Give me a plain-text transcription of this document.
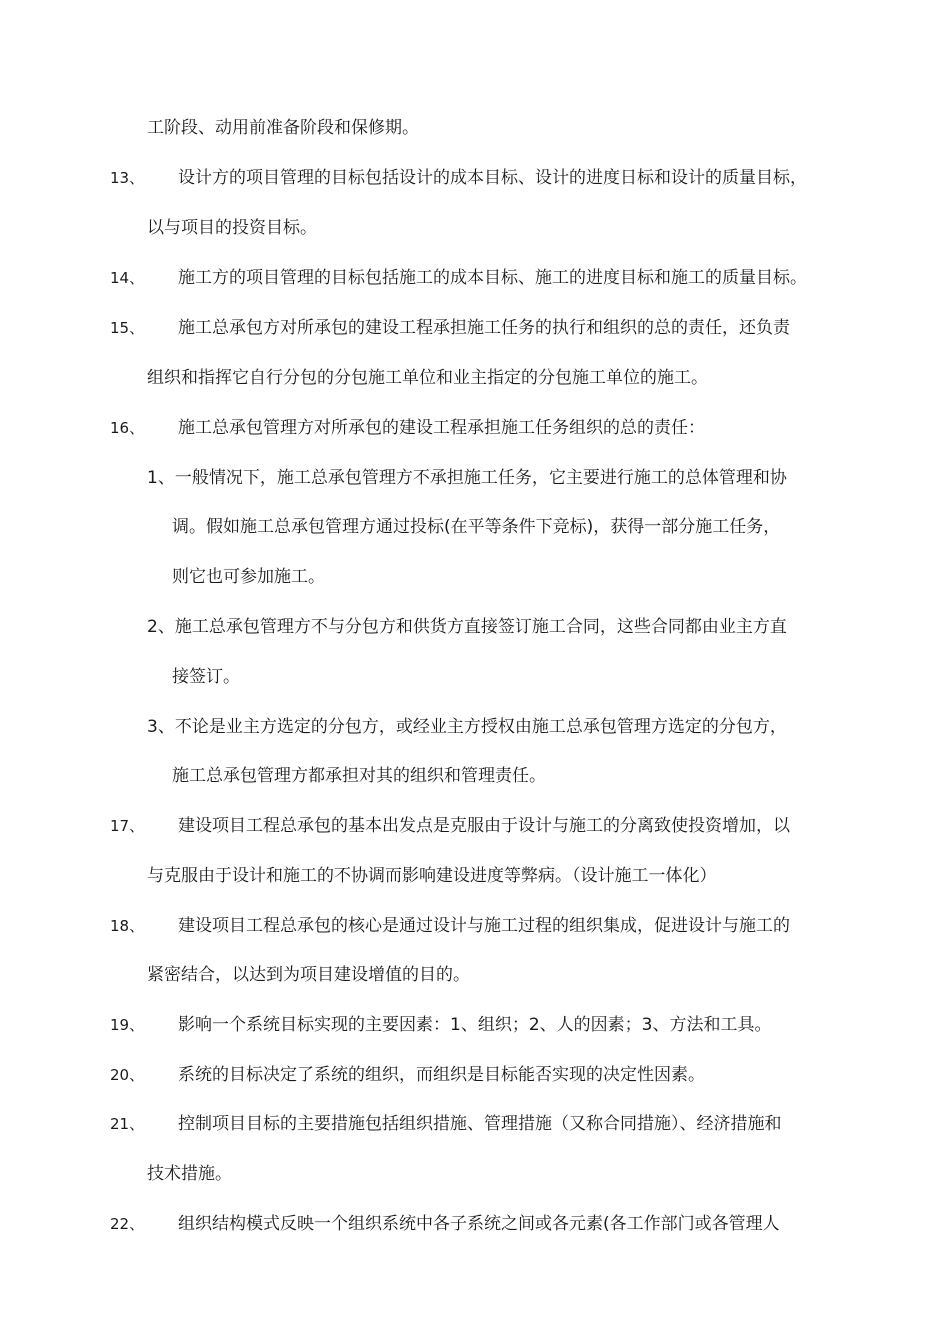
工阶段、动用前准备阶段和保修期。
13、 设计方的项目管理的目标包括设计的成本目标、设计的进度日标和设计的质量目标，
以与项目的投资目标。
14、 施工方的项目管理的目标包括施工的成本目标、施工的进度目标和施工的质量目标。
15、 施工总承包方对所承包的建设工程承担施工任务的执行和组织的总的责任，还负责
组织和指挥它自行分包的分包施工单位和业主指定的分包施工单位的施工。
16、 施工总承包管理方对所承包的建设工程承担施工任务组织的总的责任：
1、一般情况下，施工总承包管理方不承担施工任务，它主要进行施工的总体管理和协
调。假如施工总承包管理方通过投标(在平等条件下竞标)，获得一部分施工任务，
则它也可参加施工。
2、施工总承包管理方不与分包方和供货方直接签订施工合同，这些合同都由业主方直
接签订。
3、不论是业主方选定的分包方，或经业主方授权由施工总承包管理方选定的分包方，
施工总承包管理方都承担对其的组织和管理责任。
17、 建设项目工程总承包的基本出发点是克服由于设计与施工的分离致使投资增加，以
与克服由于设计和施工的不协调而影响建设进度等弊病。（设计施工一体化）
18、 建设项目工程总承包的核心是通过设计与施工过程的组织集成，促进设计与施工的
紧密结合，以达到为项目建设增值的目的。
19、 影响一个系统目标实现的主要因素：1、组织；2、人的因素；3、方法和工具。
20、 系统的目标决定了系统的组织，而组织是目标能否实现的决定性因素。
21、 控制项目目标的主要措施包括组织措施、管理措施（又称合同措施）、经济措施和
技术措施。
22、 组织结构模式反映一个组织系统中各子系统之间或各元素(各工作部门或各管理人
